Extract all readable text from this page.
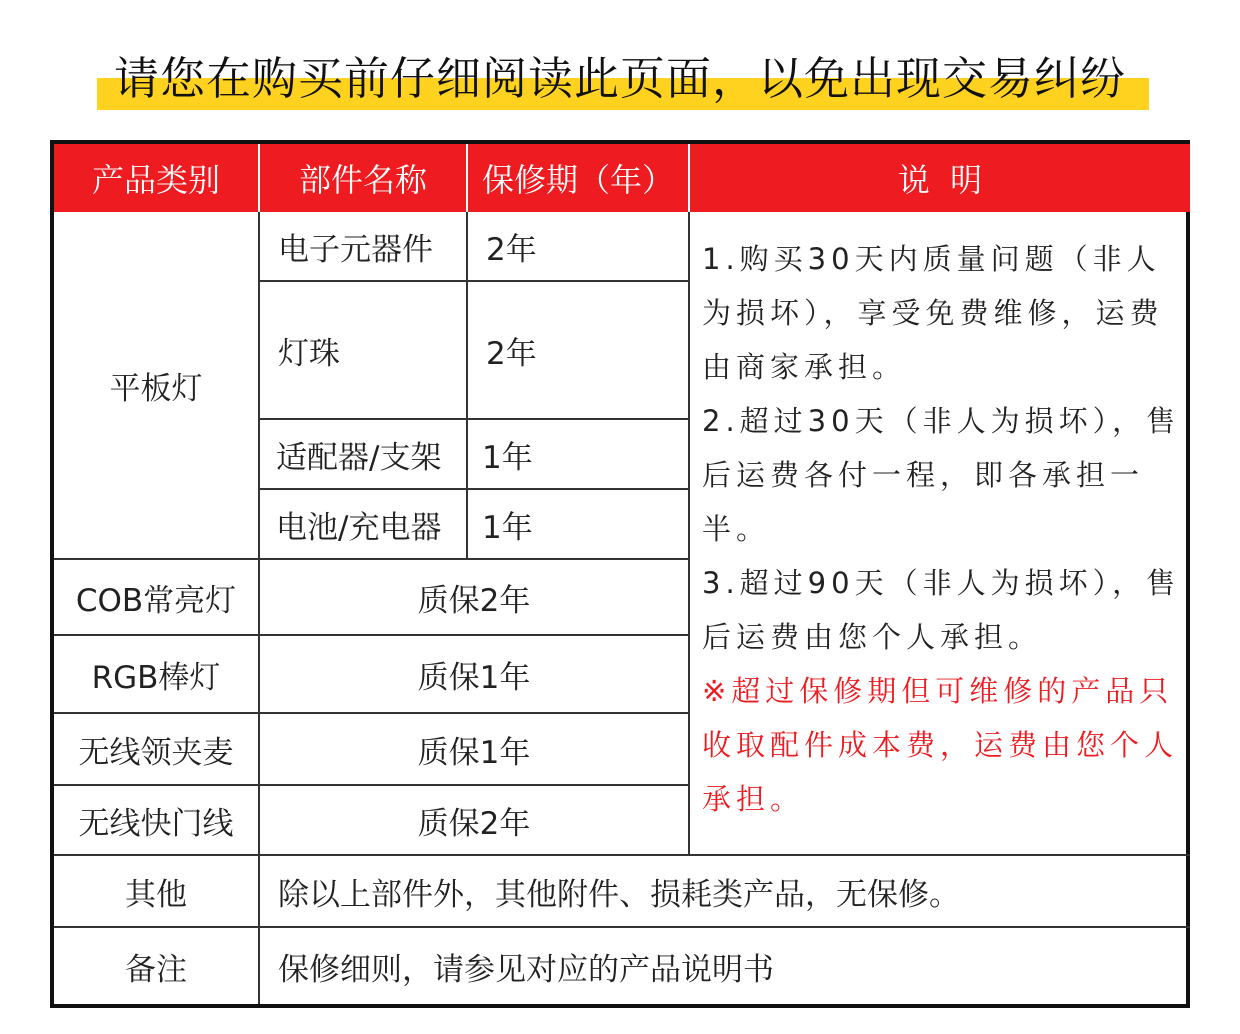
请您在购买前仔细阅读此页面，以免出现交易纠纷
产品类别	部件名称	保修期（年）	说  明
平板灯
电子元器件	2年
灯珠	2年
适配器/支架	1年
电池/充电器	1年
COB常亮灯	质保2年
RGB棒灯	质保1年
无线领夹麦	质保1年
无线快门线	质保2年

1.购买30天内质量问题（非人为损坏），享受免费维修，运费由商家承担。

2.超过30天（非人为损坏），售后运费各付一程，即各承担一半。

3.超过90天（非人为损坏），售后运费由您个人承担。

※超过保修期但可维修的产品只收取配件成本费，运费由您个人承担。

其他	除以上部件外，其他附件、损耗类产品，无保修。
备注	保修细则，请参见对应的产品说明书
